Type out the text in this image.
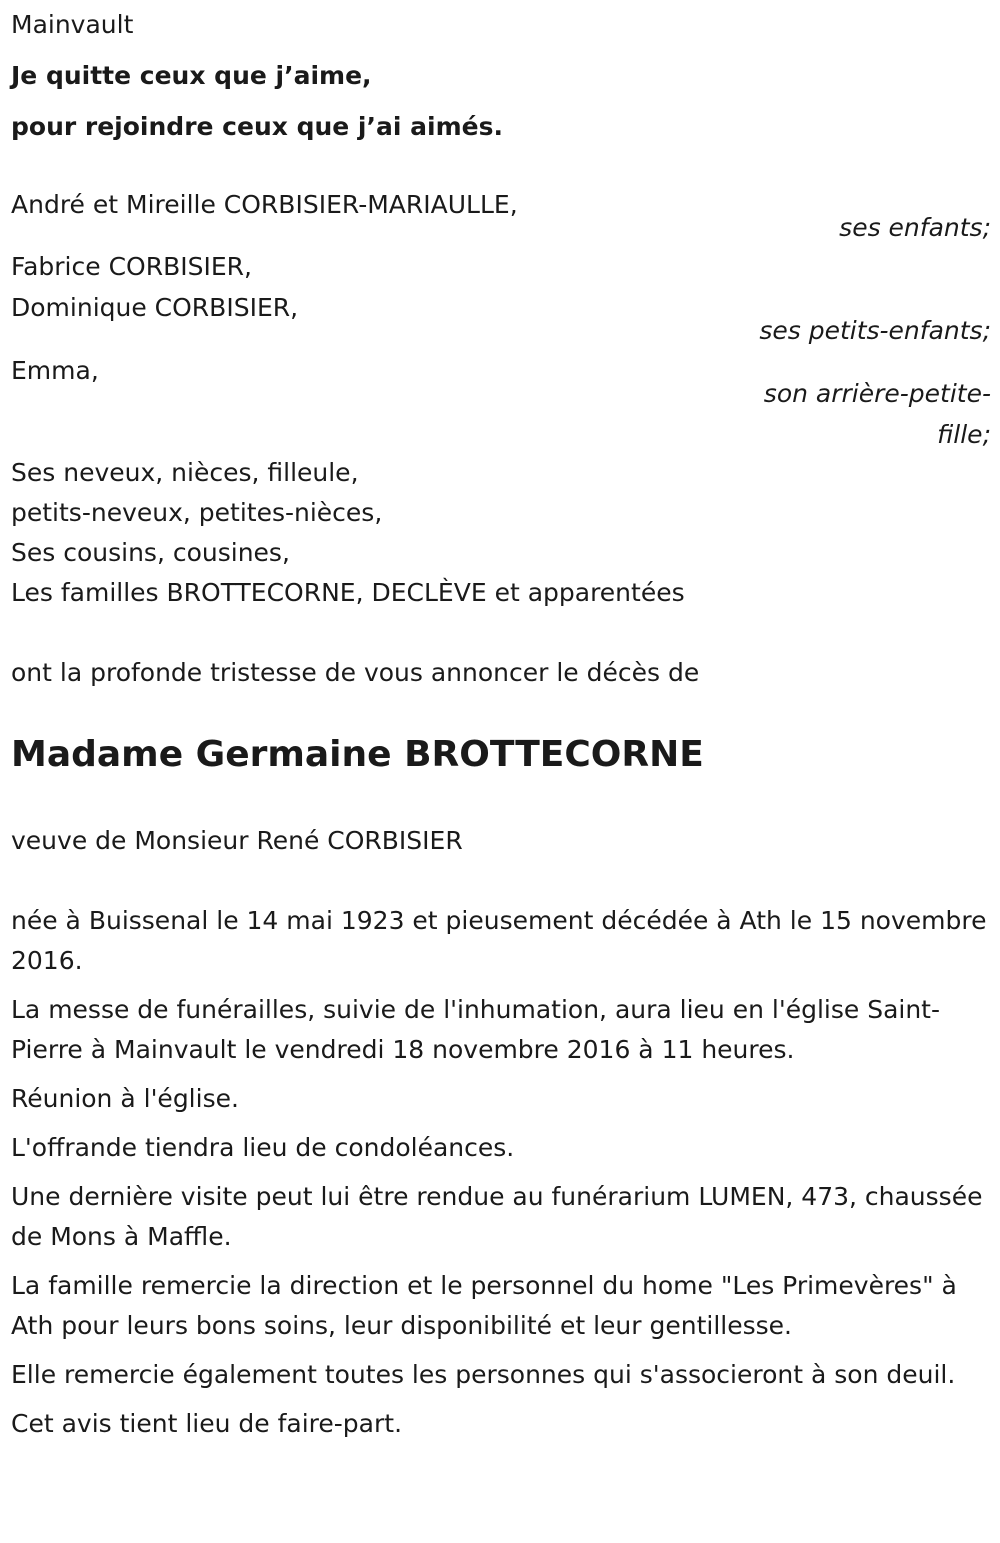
Mainvault
Je quitte ceux que j’aime,
pour rejoindre ceux que j’ai aimés.
André et Mireille CORBISIER-MARIAULLE,
ses enfants;
Fabrice CORBISIER,
Dominique CORBISIER,
ses petits-enfants;
Emma,
son arrière-petite-
fille;
Ses neveux, nièces, filleule,
petits-neveux, petites-nièces,
Ses cousins, cousines,
Les familles BROTTECORNE, DECLÈVE et apparentées
ont la profonde tristesse de vous annoncer le décès de
Madame Germaine BROTTECORNE
veuve de Monsieur René CORBISIER
née à Buissenal le 14 mai 1923 et pieusement décédée à Ath le 15 novembre 2016.
La messe de funérailles, suivie de l'inhumation, aura lieu en l'église Saint-Pierre à Mainvault le vendredi 18 novembre 2016 à 11 heures.
Réunion à l'église.
L'offrande tiendra lieu de condoléances.
Une dernière visite peut lui être rendue au funérarium LUMEN, 473, chaussée de Mons à Maffle.
La famille remercie la direction et le personnel du home "Les Primevères" à Ath pour leurs bons soins, leur disponibilité et leur gentillesse.
Elle remercie également toutes les personnes qui s'associeront à son deuil.
Cet avis tient lieu de faire-part.
